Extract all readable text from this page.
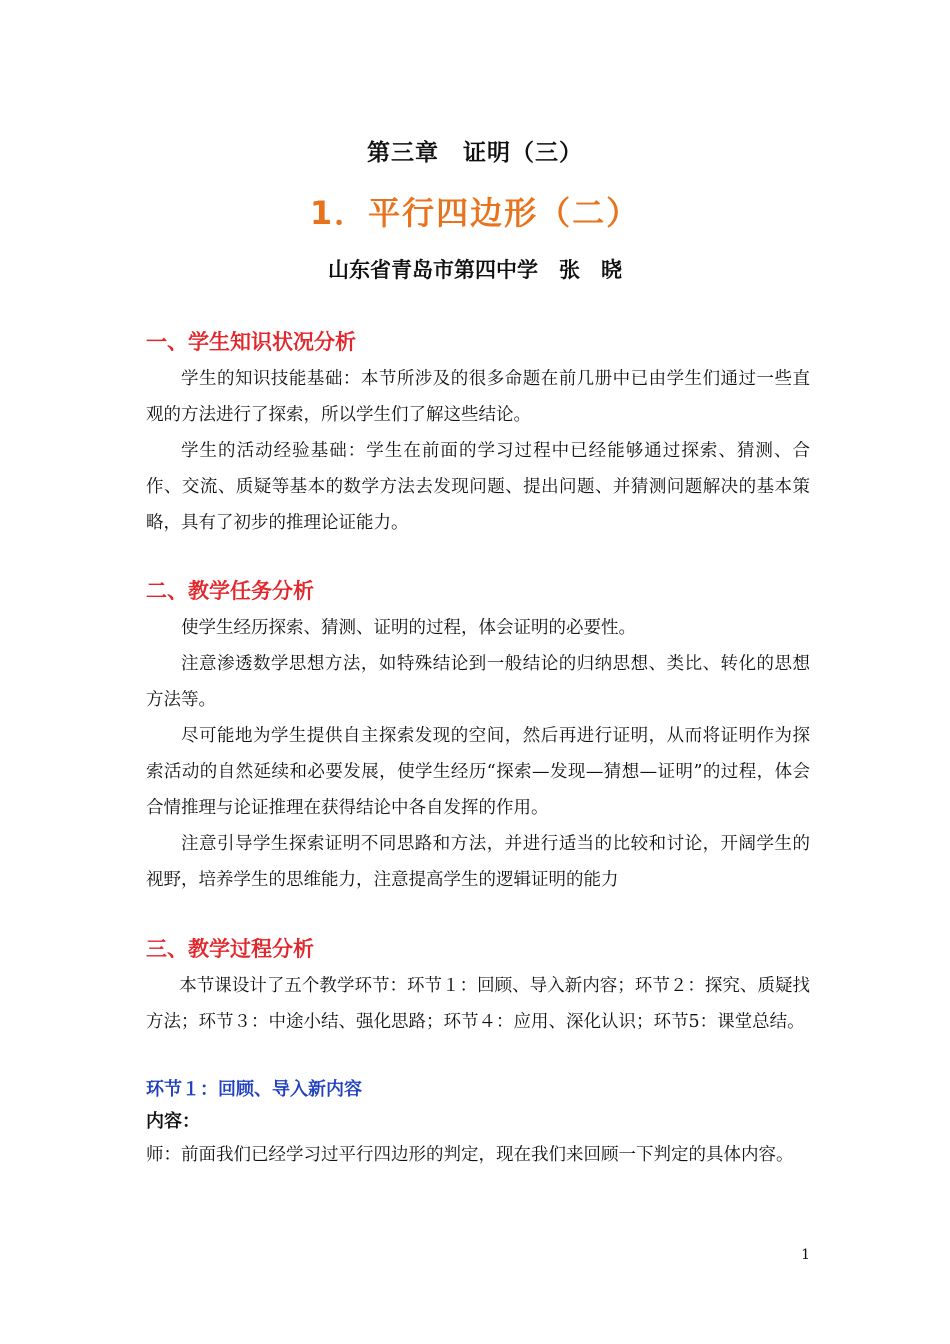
第三章　证明（三）
1．平行四边形（二）
山东省青岛市第四中学　张　晓

一、学生知识状况分析

学生的知识技能基础：本节所涉及的很多命题在前几册中已由学生们通过一些直观的方法进行了探索，所以学生们了解这些结论。

学生的活动经验基础：学生在前面的学习过程中已经能够通过探索、猜测、合作、交流、质疑等基本的数学方法去发现问题、提出问题、并猜测问题解决的基本策略，具有了初步的推理论证能力。

二、教学任务分析

使学生经历探索、猜测、证明的过程，体会证明的必要性。

注意渗透数学思想方法，如特殊结论到一般结论的归纳思想、类比、转化的思想方法等。

尽可能地为学生提供自主探索发现的空间，然后再进行证明，从而将证明作为探索活动的自然延续和必要发展，使学生经历“探索—发现—猜想—证明”的过程，体会合情推理与论证推理在获得结论中各自发挥的作用。

注意引导学生探索证明不同思路和方法，并进行适当的比较和讨论，开阔学生的视野，培养学生的思维能力，注意提高学生的逻辑证明的能力

三、教学过程分析

本节课设计了五个教学环节：环节１：回顾、导入新内容；环节２：探究、质疑找方法；环节３：中途小结、强化思路；环节４：应用、深化认识；环节5：课堂总结。

环节１：回顾、导入新内容

内容：

师：前面我们已经学习过平行四边形的判定，现在我们来回顾一下判定的具体内容。

1
